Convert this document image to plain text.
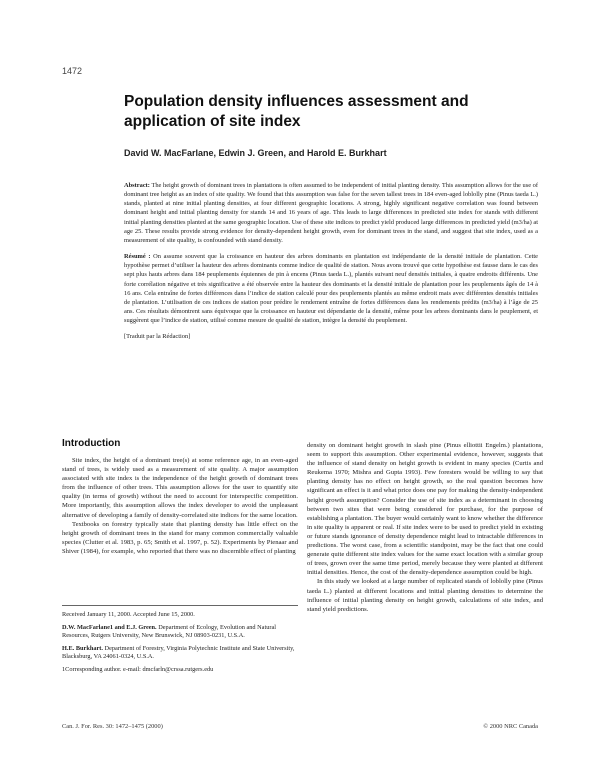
1472
Population density influences assessment and application of site index
David W. MacFarlane, Edwin J. Green, and Harold E. Burkhart

Abstract: The height growth of dominant trees in plantations is often assumed to be independent of initial planting density. This assumption allows for the use of dominant tree height as an index of site quality. We found that this assumption was false for the seven tallest trees in 184 even-aged loblolly pine (Pinus taeda L.) stands, planted at nine initial planting densities, at four different geographic locations. A strong, highly significant negative correlation was found between dominant height and initial planting density for stands 14 and 16 years of age. This leads to large differences in predicted site index for stands with different initial planting densities planted at the same geographic location. Use of these site indices to predict yield produced large differences in predicted yield (m3/ha) at age 25. These results provide strong evidence for density-dependent height growth, even for dominant trees in the stand, and suggest that site index, used as a measurement of site quality, is confounded with stand density.

Résumé : On assume souvent que la croissance en hauteur des arbres dominants en plantation est indépendante de la densité initiale de plantation. Cette hypothèse permet d’utiliser la hauteur des arbres dominants comme indice de qualité de station. Nous avons trouvé que cette hypothèse est fausse dans le cas des sept plus hauts arbres dans 184 peuplements équiennes de pin à encens (Pinus taeda L.), plantés suivant neuf densités initiales, à quatre endroits différents. Une forte corrélation négative et très significative a été observée entre la hauteur des dominants et la densité initiale de plantation pour les peuplements âgés de 14 à 16 ans. Cela entraîne de fortes différences dans l’indice de station calculé pour des peuplements plantés au même endroit mais avec différentes densités initiales de plantation. L’utilisation de ces indices de station pour prédire le rendement entraîne de fortes différences dans les rendements prédits (m3/ha) à l’âge de 25 ans. Ces résultats démontrent sans équivoque que la croissance en hauteur est dépendante de la densité, même pour les arbres dominants dans le peuplement, et suggèrent que l’indice de station, utilisé comme mesure de qualité de station, intègre la densité du peuplement.

[Traduit par la Rédaction]

Introduction

Site index, the height of a dominant tree(s) at some reference age, in an even-aged stand of trees, is widely used as a measurement of site quality. A major assumption associated with site index is the independence of the height growth of dominant trees from the influence of other trees. This assumption allows for the user to quantify site quality (in terms of growth) without the need to account for interspecific competition. More importantly, this assumption allows the index developer to avoid the unpleasant alternative of developing a family of density-correlated site indices for the same location.

Textbooks on forestry typically state that planting density has little effect on the height growth of dominant trees in the stand for many common commercially valuable species (Clutter et al. 1983, p. 65; Smith et al. 1997, p. 52). Experiments by Pienaar and Shiver (1984), for example, who reported that there was no discernible effect of planting

Received January 11, 2000. Accepted June 15, 2000.

D.W. MacFarlane1 and E.J. Green. Department of Ecology, Evolution and Natural Resources, Rutgers University, New Brunswick, NJ 08903-0231, U.S.A.

H.E. Burkhart. Department of Forestry, Virginia Polytechnic Institute and State University, Blacksburg, VA 24061-0324, U.S.A.

1Corresponding author. e-mail: dmcfarln@crssa.rutgers.edu

density on dominant height growth in slash pine (Pinus elliottii Engelm.) plantations, seem to support this assumption. Other experimental evidence, however, suggests that the influence of stand density on height growth is evident in many species (Curtis and Reukema 1970; Mishra and Gupta 1993). Few foresters would be willing to say that planting density has no effect on height growth, so the real question becomes how significant an effect is it and what price does one pay for making the density-independent height growth assumption? Consider the use of site index as a determinant in choosing between two sites that were being considered for purchase, for the purpose of establishing a plantation. The buyer would certainly want to know whether the difference in site quality is apparent or real. If site index were to be used to predict yield in existing or future stands ignorance of density dependence might lead to intractable differences in predictions. The worst case, from a scientific standpoint, may be the fact that one could generate quite different site index values for the same exact location with a similar group of trees, grown over the same time period, merely because they were planted at different initial densities. Hence, the cost of the density-dependence assumption could be high.

In this study we looked at a large number of replicated stands of loblolly pine (Pinus taeda L.) planted at different locations and initial planting densities to determine the influence of initial planting density on height growth, calculations of site index, and stand yield predictions.

Can. J. For. Res. 30: 1472–1475 (2000)	© 2000 NRC Canada
